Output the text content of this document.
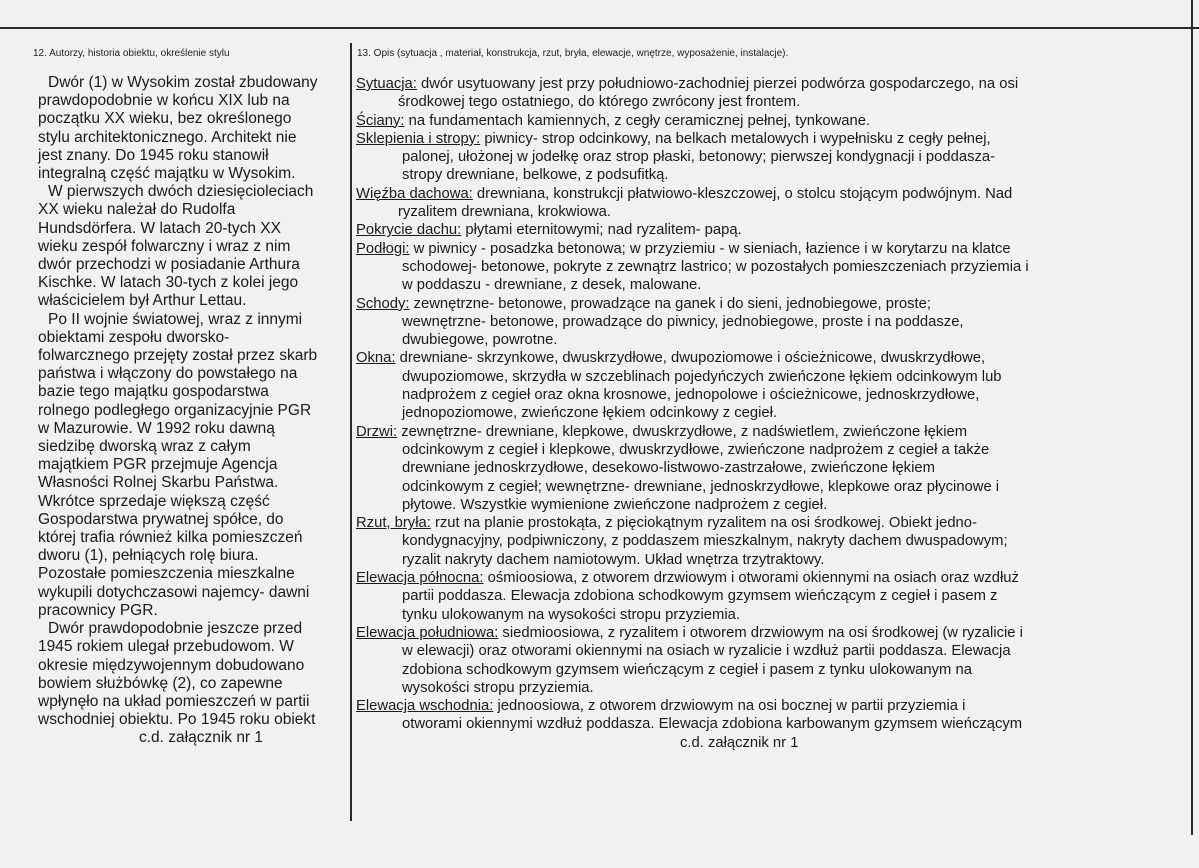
12. Autorzy, historia obiektu, określenie stylu	13. Opis (sytuacja , materiał, konstrukcja, rzut, bryła, elewacje, wnętrze, wyposażenie, instalacje).

Dwór (1) w Wysokim został zbudowany

prawdopodobnie w końcu XIX lub na

początku XX wieku, bez określonego

stylu architektonicznego. Architekt nie

jest znany. Do 1945 roku stanowił

integralną część majątku w Wysokim.

W pierwszych dwóch dziesięcioleciach

XX wieku należał do Rudolfa

Hundsdörfera. W latach 20-tych XX

wieku zespół folwarczny i wraz z nim

dwór przechodzi w posiadanie Arthura

Kischke. W latach 30-tych z kolei jego

właścicielem był Arthur Lettau.

Po II wojnie światowej, wraz z innymi

obiektami zespołu dworsko-

folwarcznego przejęty został przez skarb

państwa i włączony do powstałego na

bazie tego majątku gospodarstwa

rolnego podległego organizacyjnie PGR

w Mazurowie. W 1992 roku dawną

siedzibę dworską wraz z całym

majątkiem PGR przejmuje Agencja

Własności Rolnej Skarbu Państwa.

Wkrótce sprzedaje większą część

Gospodarstwa prywatnej spółce, do

której trafia również kilka pomieszczeń

dworu (1), pełniących rolę biura.

Pozostałe pomieszczenia mieszkalne

wykupili dotychczasowi najemcy- dawni

pracownicy PGR.

Dwór prawdopodobnie jeszcze przed

1945 rokiem ulegał przebudowom. W

okresie międzywojennym dobudowano

bowiem służbówkę (2), co zapewne

wpłynęło na układ pomieszczeń w partii

wschodniej obiektu. Po 1945 roku obiekt

c.d. załącznik nr 1

Sytuacja: dwór usytuowany jest przy południowo-zachodniej pierzei podwórza gospodarczego, na osi
środkowej tego ostatniego, do którego zwrócony jest frontem.
Ściany: na fundamentach kamiennych, z cegły ceramicznej pełnej, tynkowane.
Sklepienia i stropy: piwnicy- strop odcinkowy, na belkach metalowych i wypełnisku z cegły pełnej,
palonej, ułożonej w jodełkę oraz strop płaski, betonowy; pierwszej kondygnacji i poddasza-
stropy drewniane, belkowe, z podsufitką.
Więźba dachowa: drewniana, konstrukcji płatwiowo-kleszczowej, o stolcu stojącym podwójnym. Nad
ryzalitem drewniana, krokwiowa.
Pokrycie dachu: płytami eternitowymi; nad ryzalitem- papą.
Podłogi: w piwnicy - posadzka betonowa; w przyziemiu - w sieniach, łazience i w korytarzu na klatce
schodowej- betonowe, pokryte z zewnątrz lastrico; w pozostałych pomieszczeniach przyziemia i
w poddaszu - drewniane, z desek, malowane.
Schody: zewnętrzne- betonowe, prowadzące na ganek i do sieni, jednobiegowe, proste;
wewnętrzne- betonowe, prowadzące do piwnicy, jednobiegowe, proste i na poddasze,
dwubiegowe, powrotne.
Okna: drewniane- skrzynkowe, dwuskrzydłowe, dwupoziomowe i ościeżnicowe, dwuskrzydłowe,
dwupoziomowe, skrzydła w szczeblinach pojedyńczych zwieńczone łękiem odcinkowym lub
nadprożem z cegieł oraz okna krosnowe, jednopolowe i ościeżnicowe, jednoskrzydłowe,
jednopoziomowe, zwieńczone łękiem odcinkowy z cegieł.
Drzwi: zewnętrzne- drewniane, klepkowe, dwuskrzydłowe, z nadświetlem, zwieńczone łękiem
odcinkowym z cegieł i klepkowe, dwuskrzydłowe, zwieńczone nadprożem z cegieł a także
drewniane jednoskrzydłowe, desekowo-listwowo-zastrzałowe, zwieńczone łękiem
odcinkowym z cegieł; wewnętrzne- drewniane, jednoskrzydłowe, klepkowe oraz płycinowe i
płytowe. Wszystkie wymienione zwieńczone nadprożem z cegieł.
Rzut, bryła: rzut na planie prostokąta, z pięciokątnym ryzalitem na osi środkowej. Obiekt jedno-
kondygnacyjny, podpiwniczony, z poddaszem mieszkalnym, nakryty dachem dwuspadowym;
ryzalit nakryty dachem namiotowym. Układ wnętrza trzytraktowy.
Elewacja północna: ośmioosiowa, z otworem drzwiowym i otworami okiennymi na osiach oraz wzdłuż
partii poddasza. Elewacja zdobiona schodkowym gzymsem wieńczącym z cegieł i pasem z
tynku ulokowanym na wysokości stropu przyziemia.
Elewacja południowa: siedmioosiowa, z ryzalitem i otworem drzwiowym na osi środkowej (w ryzalicie i
w elewacji) oraz otworami okiennymi na osiach w ryzalicie i wzdłuż partii poddasza. Elewacja
zdobiona schodkowym gzymsem wieńczącym z cegieł i pasem z tynku ulokowanym na
wysokości stropu przyziemia.
Elewacja wschodnia: jednoosiowa, z otworem drzwiowym na osi bocznej w partii przyziemia i
otworami okiennymi wzdłuż poddasza. Elewacja zdobiona karbowanym gzymsem wieńczącym
c.d. załącznik nr 1
